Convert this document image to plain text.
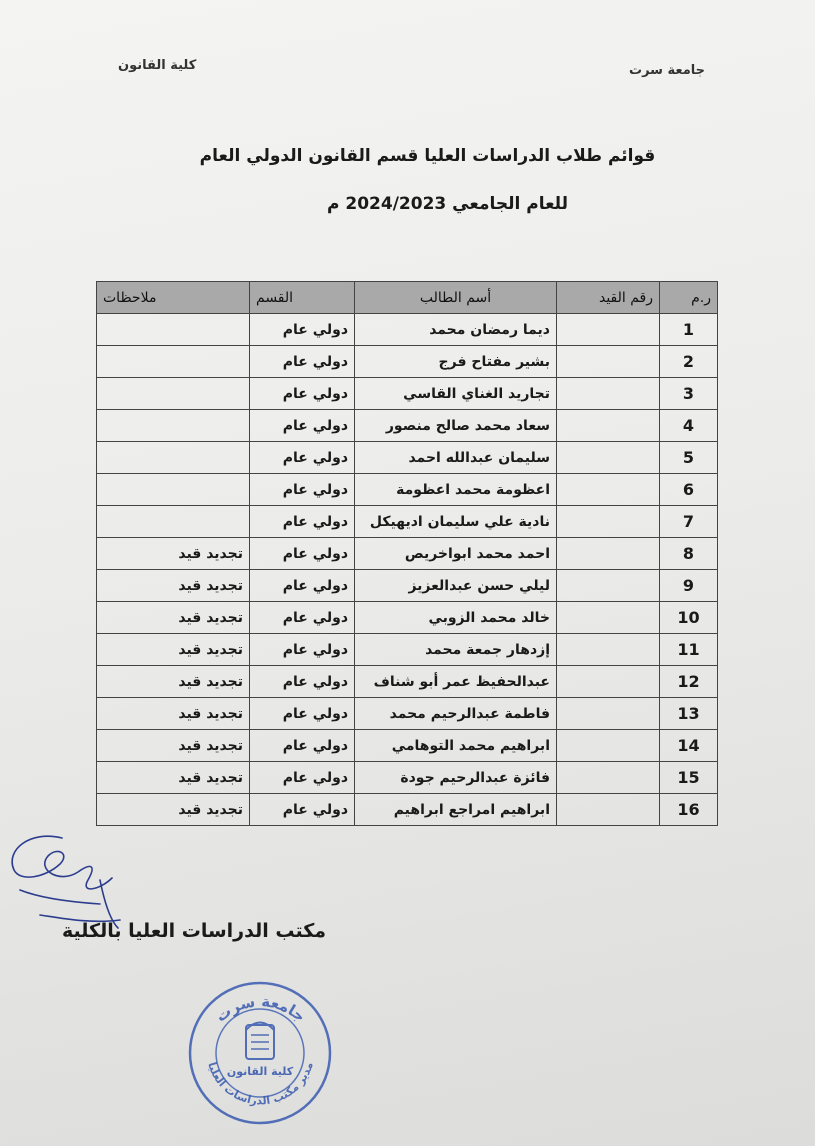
كلية القانون	جامعة سرت
قوائم طلاب الدراسات العليا قسم القانون الدولي العام
للعام الجامعي 2024/2023 م
ر.م	رقم القيد	أسم الطالب	القسم	ملاحظات
1		ديما رمضان محمد	دولي عام	
2		بشير مفتاح فرج	دولي عام	
3		تجاريد الغناي القاسي	دولي عام	
4		سعاد محمد صالح منصور	دولي عام	
5		سليمان عبدالله احمد	دولي عام	
6		اعظومة محمد اعظومة	دولي عام	
7		نادية علي سليمان اديهيكل	دولي عام	
8		احمد محمد ابواخريص	دولي عام	تجديد قيد
9		ليلي حسن عبدالعزيز	دولي عام	تجديد قيد
10		خالد محمد الزوبي	دولي عام	تجديد قيد
11		إزدهار جمعة محمد	دولي عام	تجديد قيد
12		عبدالحفيظ عمر أبو شناف	دولي عام	تجديد قيد
13		فاطمة عبدالرحيم محمد	دولي عام	تجديد قيد
14		ابراهيم محمد التوهامي	دولي عام	تجديد قيد
15		فائزة عبدالرحيم جودة	دولي عام	تجديد قيد
16		ابراهيم امراجع ابراهيم	دولي عام	تجديد قيد
مكتب الدراسات العليا بالكلية
جامعة سرت
مدير مكتب الدراسات العليا
كلية القانون
